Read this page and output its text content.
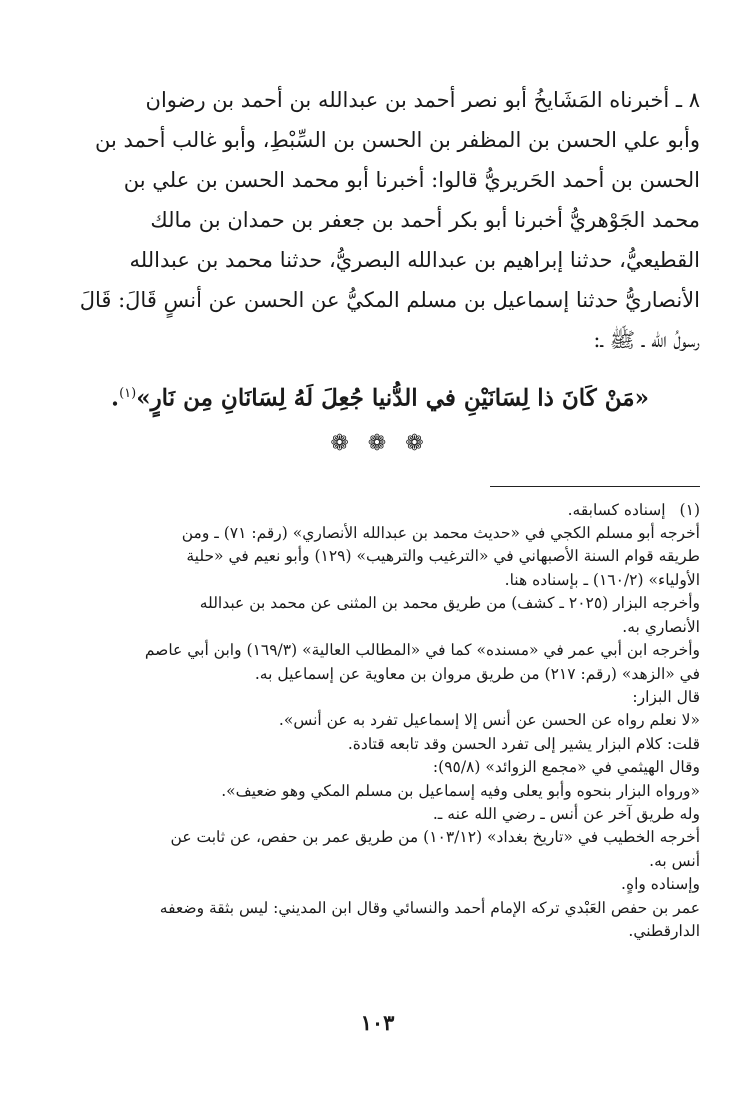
٨ ـ أخبرناه المَشَايخُ أبو نصر أحمد بن عبدالله بن أحمد بن رضوان

وأبو علي الحسن بن المظفر بن الحسن بن السِّبْطِ، وأبو غالب أحمد بن

الحسن بن أحمد الحَريريُّ قالوا: أخبرنا أبو محمد الحسن بن علي بن

محمد الجَوْهريُّ أخبرنا أبو بكر أحمد بن جعفر بن حمدان بن مالك

القطيعيُّ، حدثنا إبراهيم بن عبدالله البصريُّ، حدثنا محمد بن عبدالله

الأنصاريُّ حدثنا إسماعيل بن مسلم المكيُّ عن الحسن عن أنسٍ قَالَ: قَالَ

رسولُ الله ـ ﷺ ـ:

«مَنْ كَانَ ذا لِسَانَيْنِ في الدُّنيا جُعِلَ لَهُ لِسَانَانِ مِن نَارٍ»$^{(١)}$.
❁ ❁ ❁
(١)
إسناده كسابقه.

أخرجه أبو مسلم الكجي في «حديث محمد بن عبدالله الأنصاري» (رقم: ٧١) ـ ومن

طريقه قوام السنة الأصبهاني في «الترغيب والترهيب» (١٢٩) وأبو نعيم في «حلية

الأولياء» (١٦٠/٢) ـ بإسناده هنا.

وأخرجه البزار (٢٠٢٥ ـ كشف) من طريق محمد بن المثنى عن محمد بن عبدالله

الأنصاري به.

وأخرجه ابن أبي عمر في «مسنده» كما في «المطالب العالية» (١٦٩/٣) وابن أبي عاصم

في «الزهد» (رقم: ٢١٧) من طريق مروان بن معاوية عن إسماعيل به.

قال البزار:

«لا نعلم رواه عن الحسن عن أنس إلا إسماعيل تفرد به عن أنس».

قلت: كلام البزار يشير إلى تفرد الحسن وقد تابعه قتادة.

وقال الهيثمي في «مجمع الزوائد» (٩٥/٨):

«ورواه البزار بنحوه وأبو يعلى وفيه إسماعيل بن مسلم المكي وهو ضعيف».

وله طريق آخر عن أنس ـ رضي الله عنه ـ.

أخرجه الخطيب في «تاريخ بغداد» (١٠٣/١٢) من طريق عمر بن حفص، عن ثابت عن

أنس به.

وإسناده واهٍ.

عمر بن حفص العَبْدي تركه الإمام أحمد والنسائي وقال ابن المديني: ليس بثقة وضعفه

الدارقطني.

١٠٣
